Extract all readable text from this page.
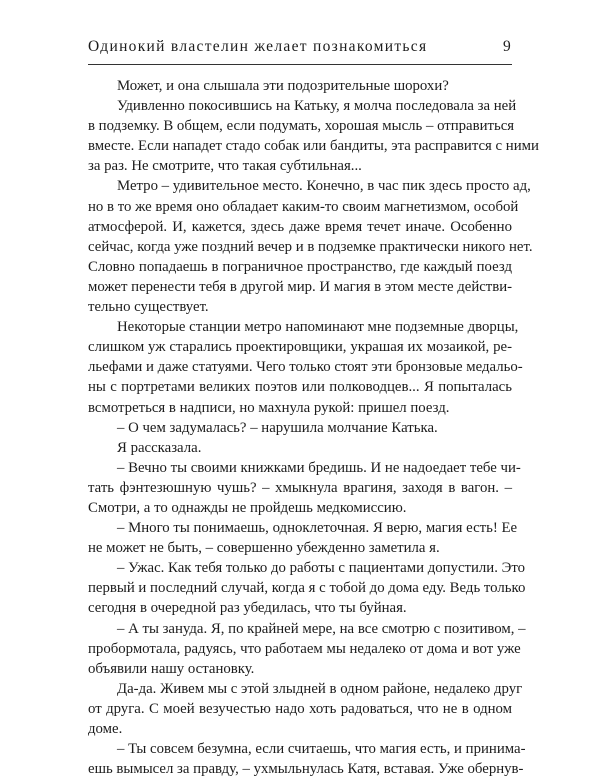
Одинокий властелин желает познакомиться	9

Может, и она слышала эти подозрительные шорохи?

Удивленно покосившись на Катьку, я молча последовала за ней

в подземку. В общем, если подумать, хорошая мысль – отправиться

вместе. Если нападет стадо собак или бандиты, эта расправится с ними

за раз. Не смотрите, что такая субтильная...

Метро – удивительное место. Конечно, в час пик здесь просто ад,

но в то же время оно обладает каким-то своим магнетизмом, особой

атмосферой. И, кажется, здесь даже время течет иначе. Особенно

сейчас, когда уже поздний вечер и в подземке практически никого нет.

Словно попадаешь в пограничное пространство, где каждый поезд

может перенести тебя в другой мир. И магия в этом месте действи-

тельно существует.

Некоторые станции метро напоминают мне подземные дворцы,

слишком уж старались проектировщики, украшая их мозаикой, ре-

льефами и даже статуями. Чего только стоят эти бронзовые медальо-

ны с портретами великих поэтов или полководцев... Я попыталась

всмотреться в надписи, но махнула рукой: пришел поезд.

– О чем задумалась? – нарушила молчание Катька.

Я рассказала.

– Вечно ты своими книжками бредишь. И не надоедает тебе чи-

тать фэнтезюшную чушь? – хмыкнула врагиня, заходя в вагон. –

Смотри, а то однажды не пройдешь медкомиссию.

– Много ты понимаешь, одноклеточная. Я верю, магия есть! Ее

не может не быть, – совершенно убежденно заметила я.

– Ужас. Как тебя только до работы с пациентами допустили. Это

первый и последний случай, когда я с тобой до дома еду. Ведь только

сегодня в очередной раз убедилась, что ты буйная.

– А ты зануда. Я, по крайней мере, на все смотрю с позитивом, –

пробормотала, радуясь, что работаем мы недалеко от дома и вот уже

объявили нашу остановку.

Да-да. Живем мы с этой злыдней в одном районе, недалеко друг

от друга. С моей везучестью надо хоть радоваться, что не в одном

доме.

– Ты совсем безумна, если считаешь, что магия есть, и принима-

ешь вымысел за правду, – ухмыльнулась Катя, вставая. Уже обернув-
